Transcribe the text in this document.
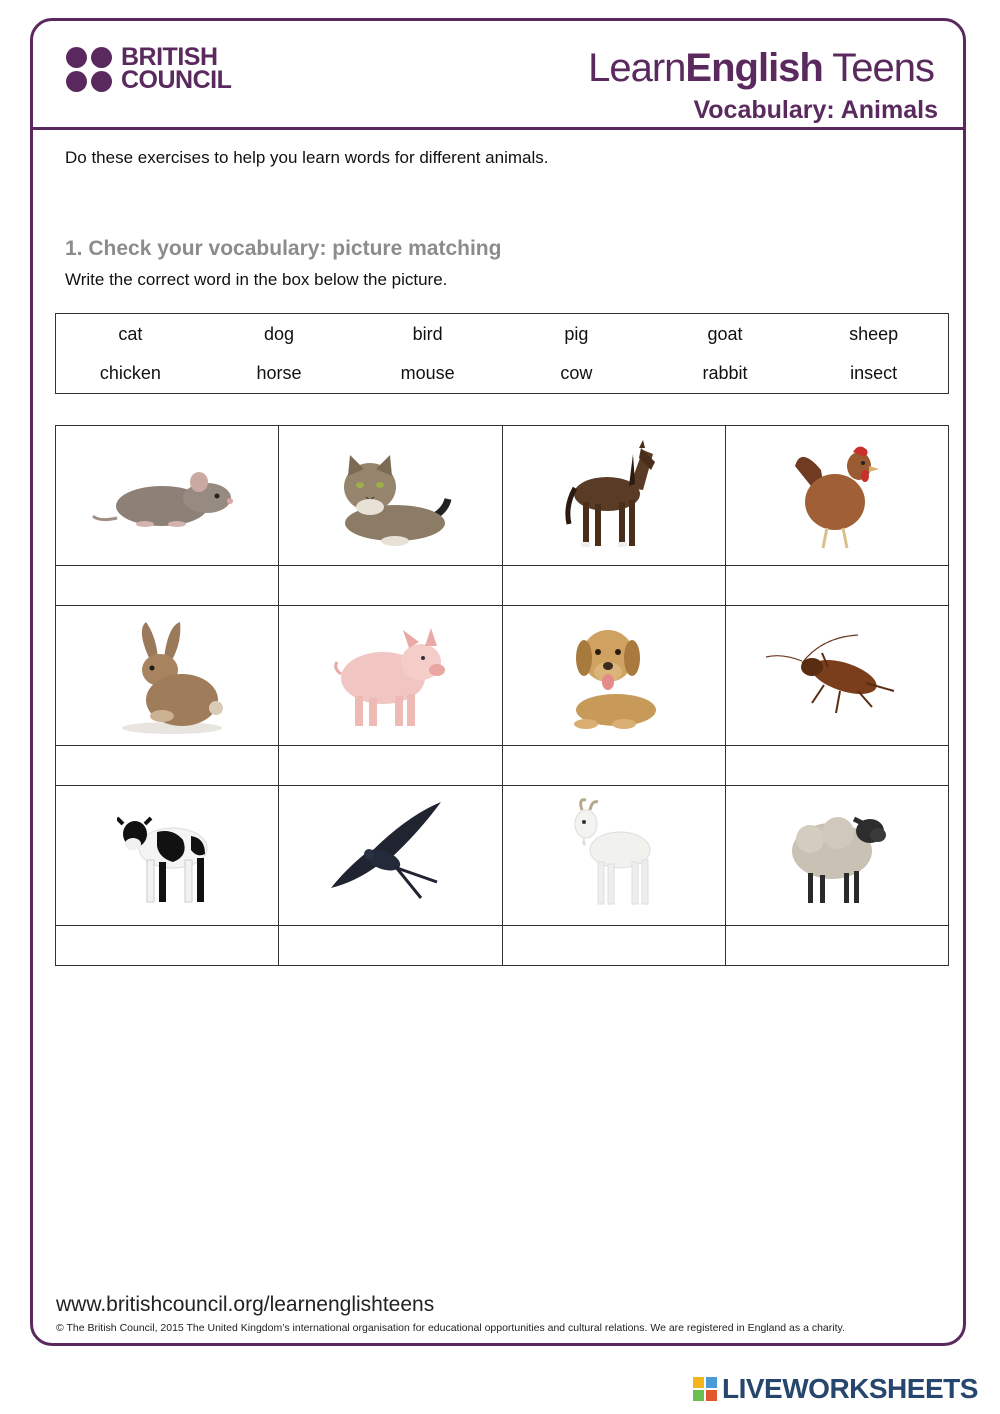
BRITISH
COUNCIL	LearnEnglish Teens
Vocabulary: Animals
Do these exercises to help you learn words for different animals.
1. Check your vocabulary: picture matching
Write the correct word in the box below the picture.
cat	dog	bird	pig	goat	sheep
chicken	horse	mouse	cow	rabbit	insect

www.britishcouncil.org/learnenglishteens
© The British Council, 2015 The United Kingdom’s international organisation for educational opportunities and cultural relations. We are registered in England as a charity.
LIVEWORKSHEETS
